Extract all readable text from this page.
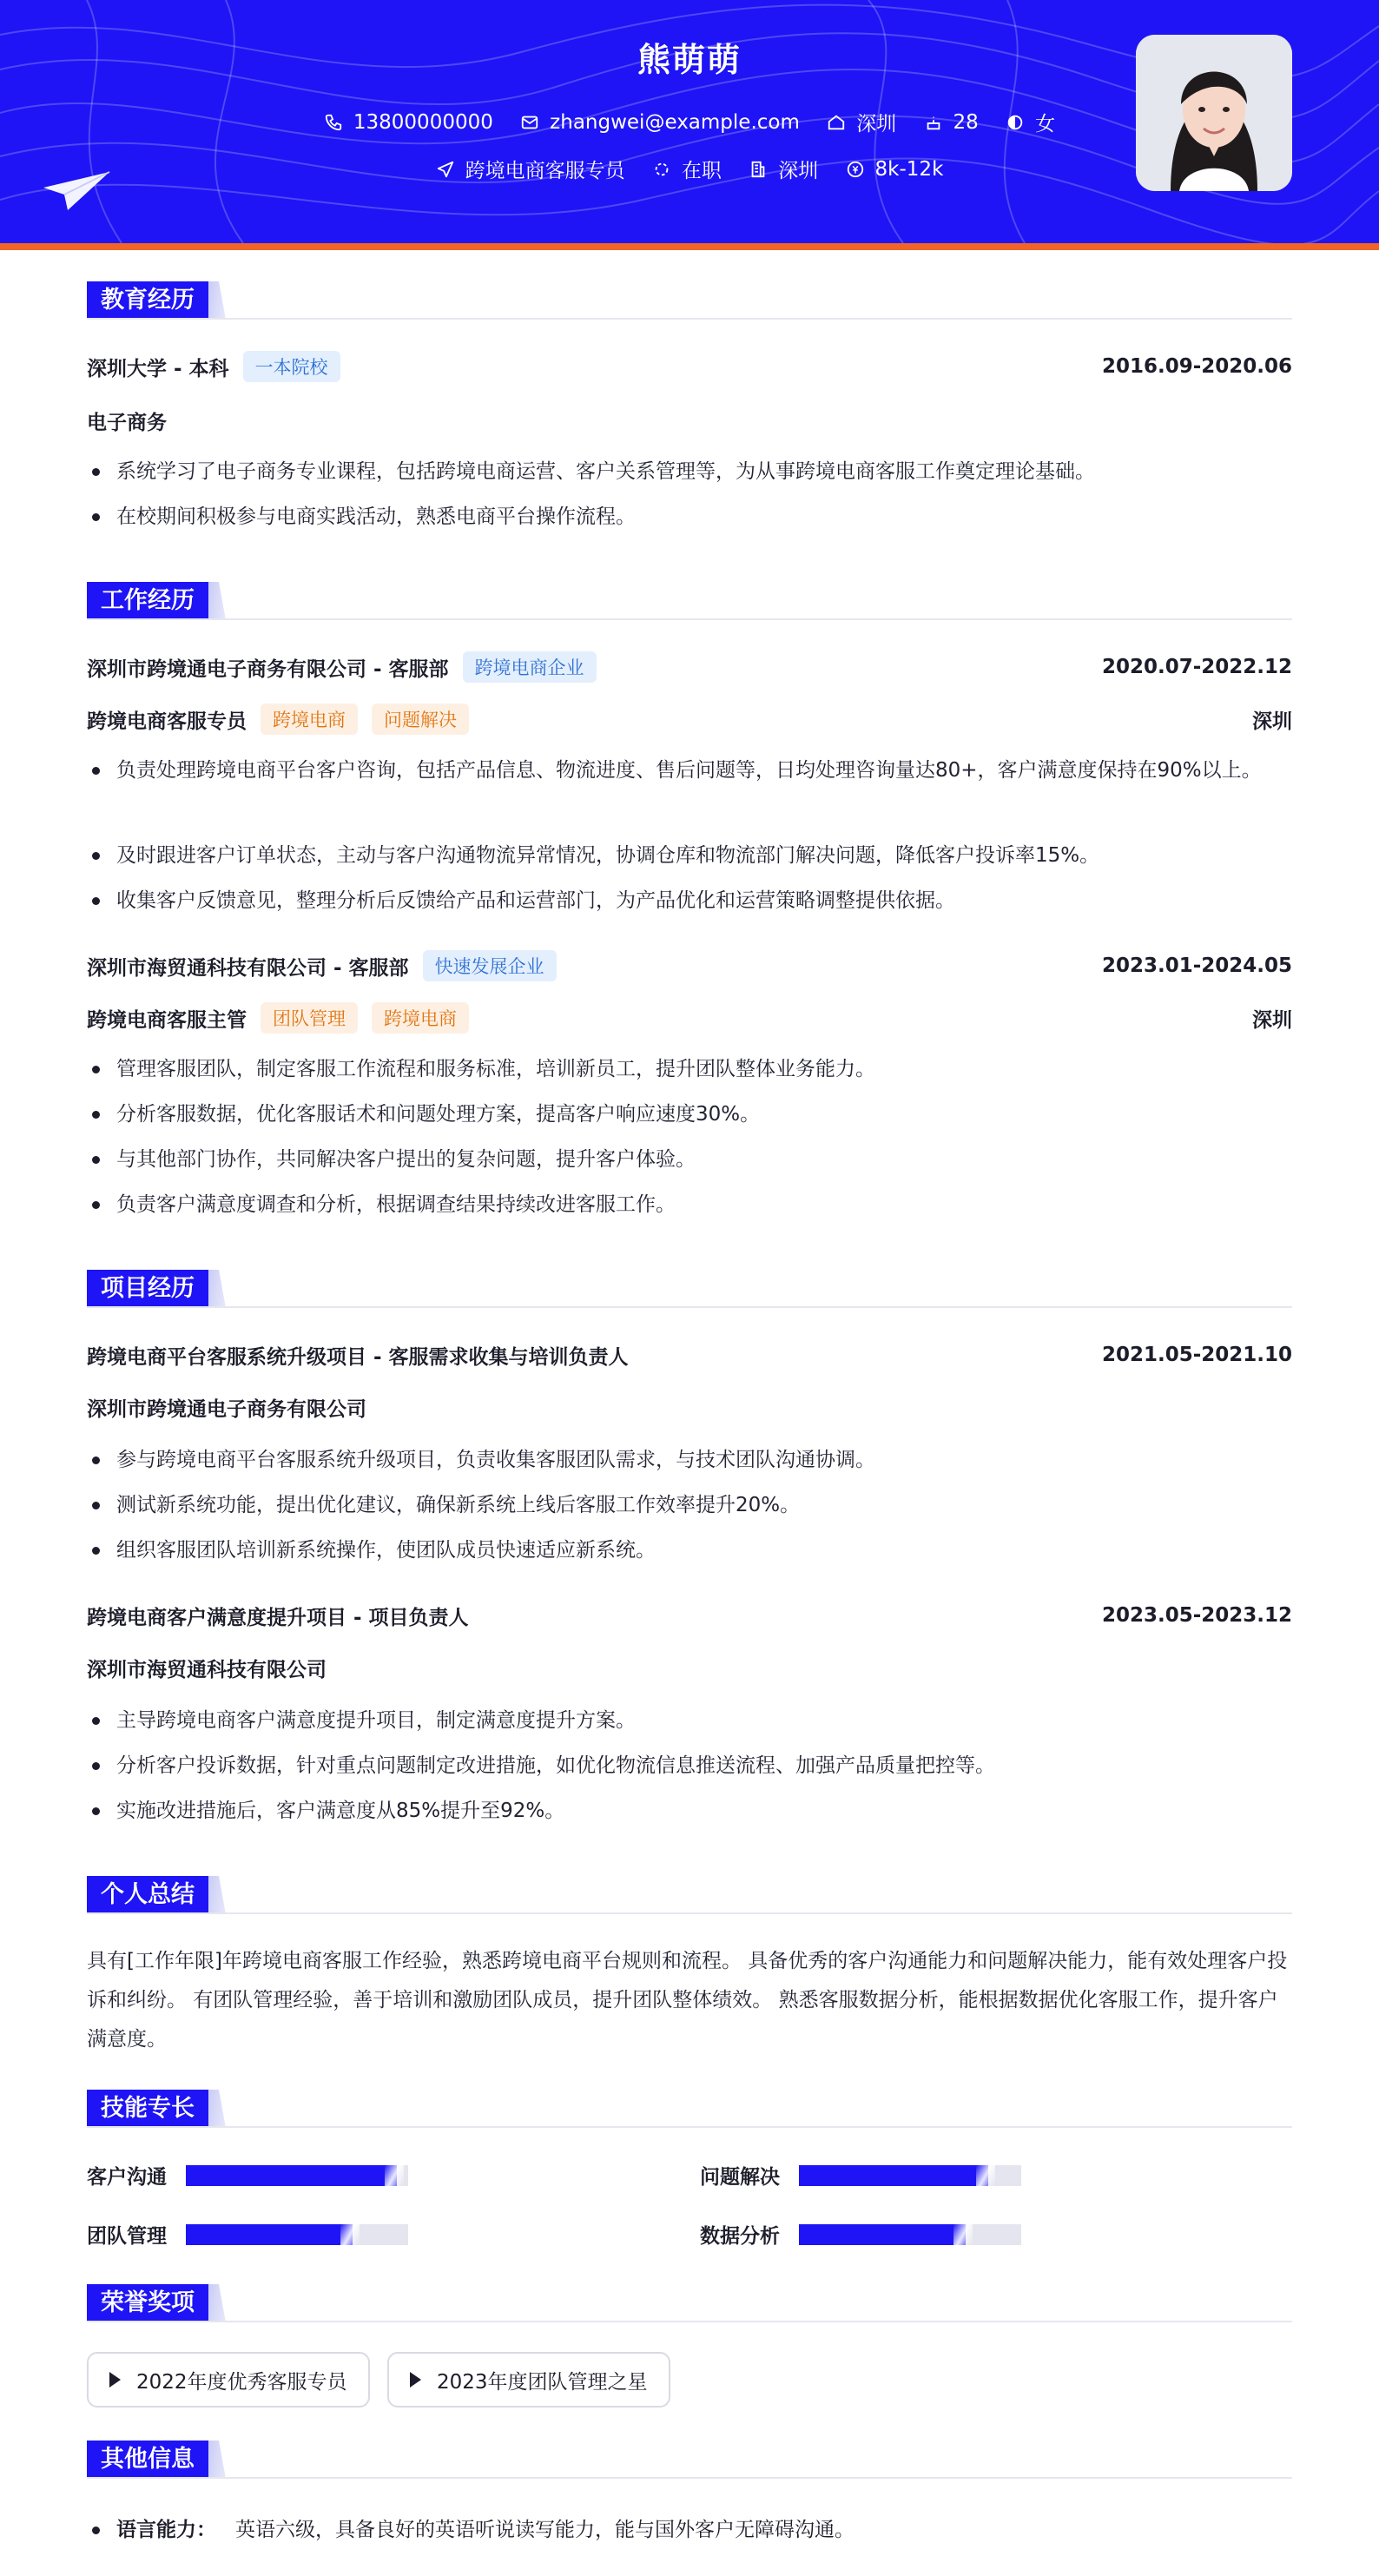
熊萌萌
13800000000
	zhangwei@example.com
	深圳
	28
	女
跨境电商客服专员
	在职
	深圳
	8k-12k
教育经历
深圳大学 - 本科	一本院校	2016.09-2020.06
电子商务
系统学习了电子商务专业课程，包括跨境电商运营、客户关系管理等，为从事跨境电商客服工作奠定理论基础。
在校期间积极参与电商实践活动，熟悉电商平台操作流程。
工作经历
深圳市跨境通电子商务有限公司 - 客服部	跨境电商企业	2020.07-2022.12
跨境电商客服专员	跨境电商	问题解决	深圳
负责处理跨境电商平台客户咨询，包括产品信息、物流进度、售后问题等，日均处理咨询量达80+，客户满意度保持在90%以上。
及时跟进客户订单状态，主动与客户沟通物流异常情况，协调仓库和物流部门解决问题，降低客户投诉率15%。
收集客户反馈意见，整理分析后反馈给产品和运营部门，为产品优化和运营策略调整提供依据。
深圳市海贸通科技有限公司 - 客服部	快速发展企业	2023.01-2024.05
跨境电商客服主管	团队管理	跨境电商	深圳
管理客服团队，制定客服工作流程和服务标准，培训新员工，提升团队整体业务能力。
分析客服数据，优化客服话术和问题处理方案，提高客户响应速度30%。
与其他部门协作，共同解决客户提出的复杂问题，提升客户体验。
负责客户满意度调查和分析，根据调查结果持续改进客服工作。
项目经历
跨境电商平台客服系统升级项目 - 客服需求收集与培训负责人	2021.05-2021.10
深圳市跨境通电子商务有限公司
参与跨境电商平台客服系统升级项目，负责收集客服团队需求，与技术团队沟通协调。
测试新系统功能，提出优化建议，确保新系统上线后客服工作效率提升20%。
组织客服团队培训新系统操作，使团队成员快速适应新系统。
跨境电商客户满意度提升项目 - 项目负责人	2023.05-2023.12
深圳市海贸通科技有限公司
主导跨境电商客户满意度提升项目，制定满意度提升方案。
分析客户投诉数据，针对重点问题制定改进措施，如优化物流信息推送流程、加强产品质量把控等。
实施改进措施后，客户满意度从85%提升至92%。
个人总结
具有[工作年限]年跨境电商客服工作经验，熟悉跨境电商平台规则和流程。 具备优秀的客户沟通能力和问题解决能力，能有效处理客户投诉和纠纷。 有团队管理经验，善于培训和激励团队成员，提升团队整体绩效。 熟悉客服数据分析，能根据数据优化客服工作，提升客户满意度。
技能专长
客户沟通	问题解决
团队管理	数据分析
荣誉奖项
2022年度优秀客服专员	2023年度团队管理之星
其他信息
语言能力： 英语六级，具备良好的英语听说读写能力，能与国外客户无障碍沟通。
